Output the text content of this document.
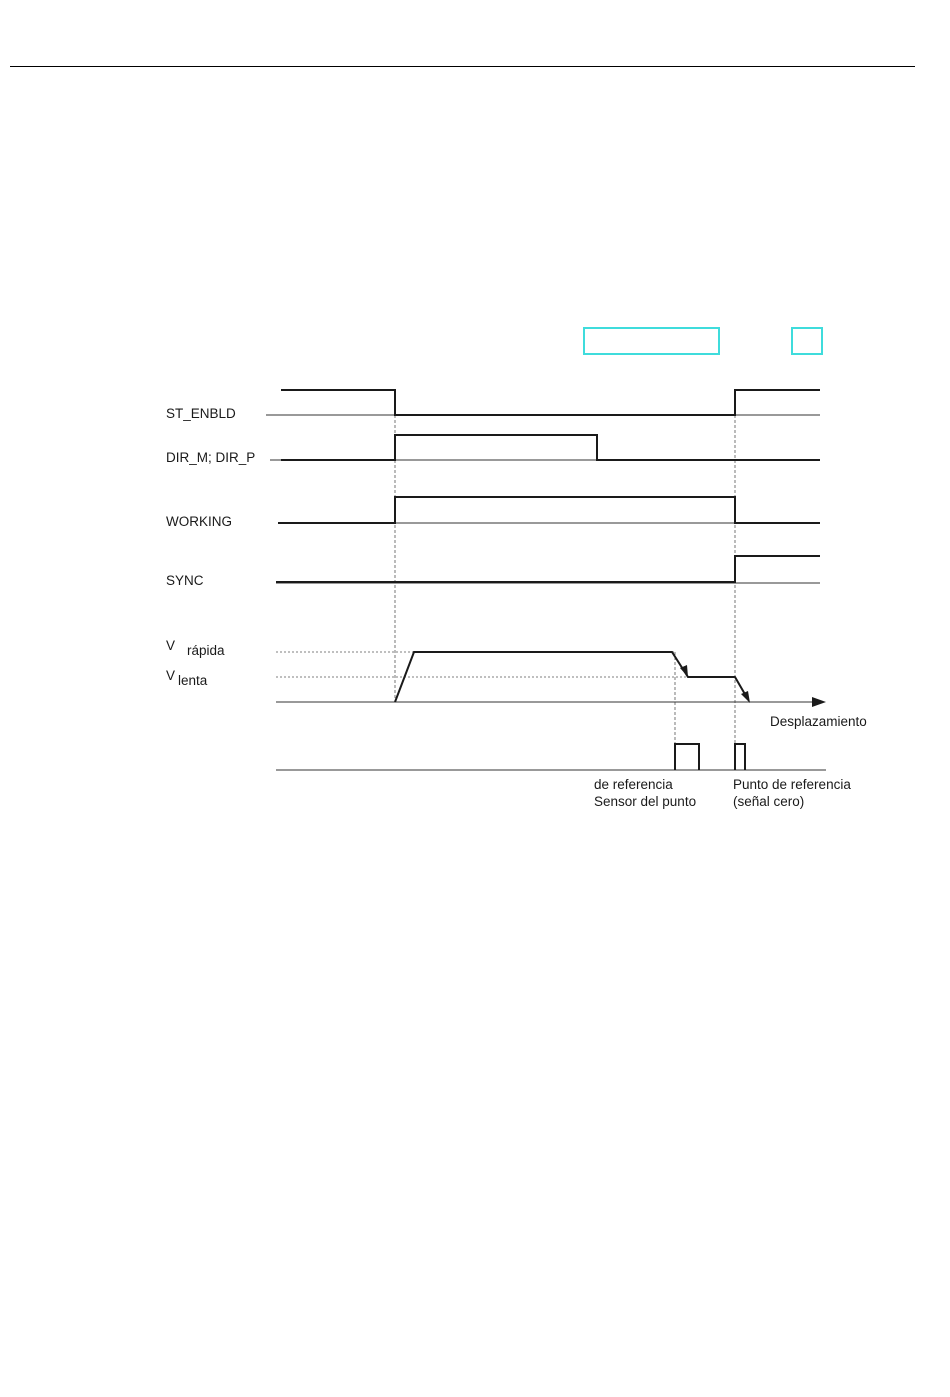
ST_ENBLD
DIR_M; DIR_P
WORKING
SYNC
V rápida
V lenta
Desplazamiento
de referencia
Sensor del punto
Punto de referencia
(señal cero)
